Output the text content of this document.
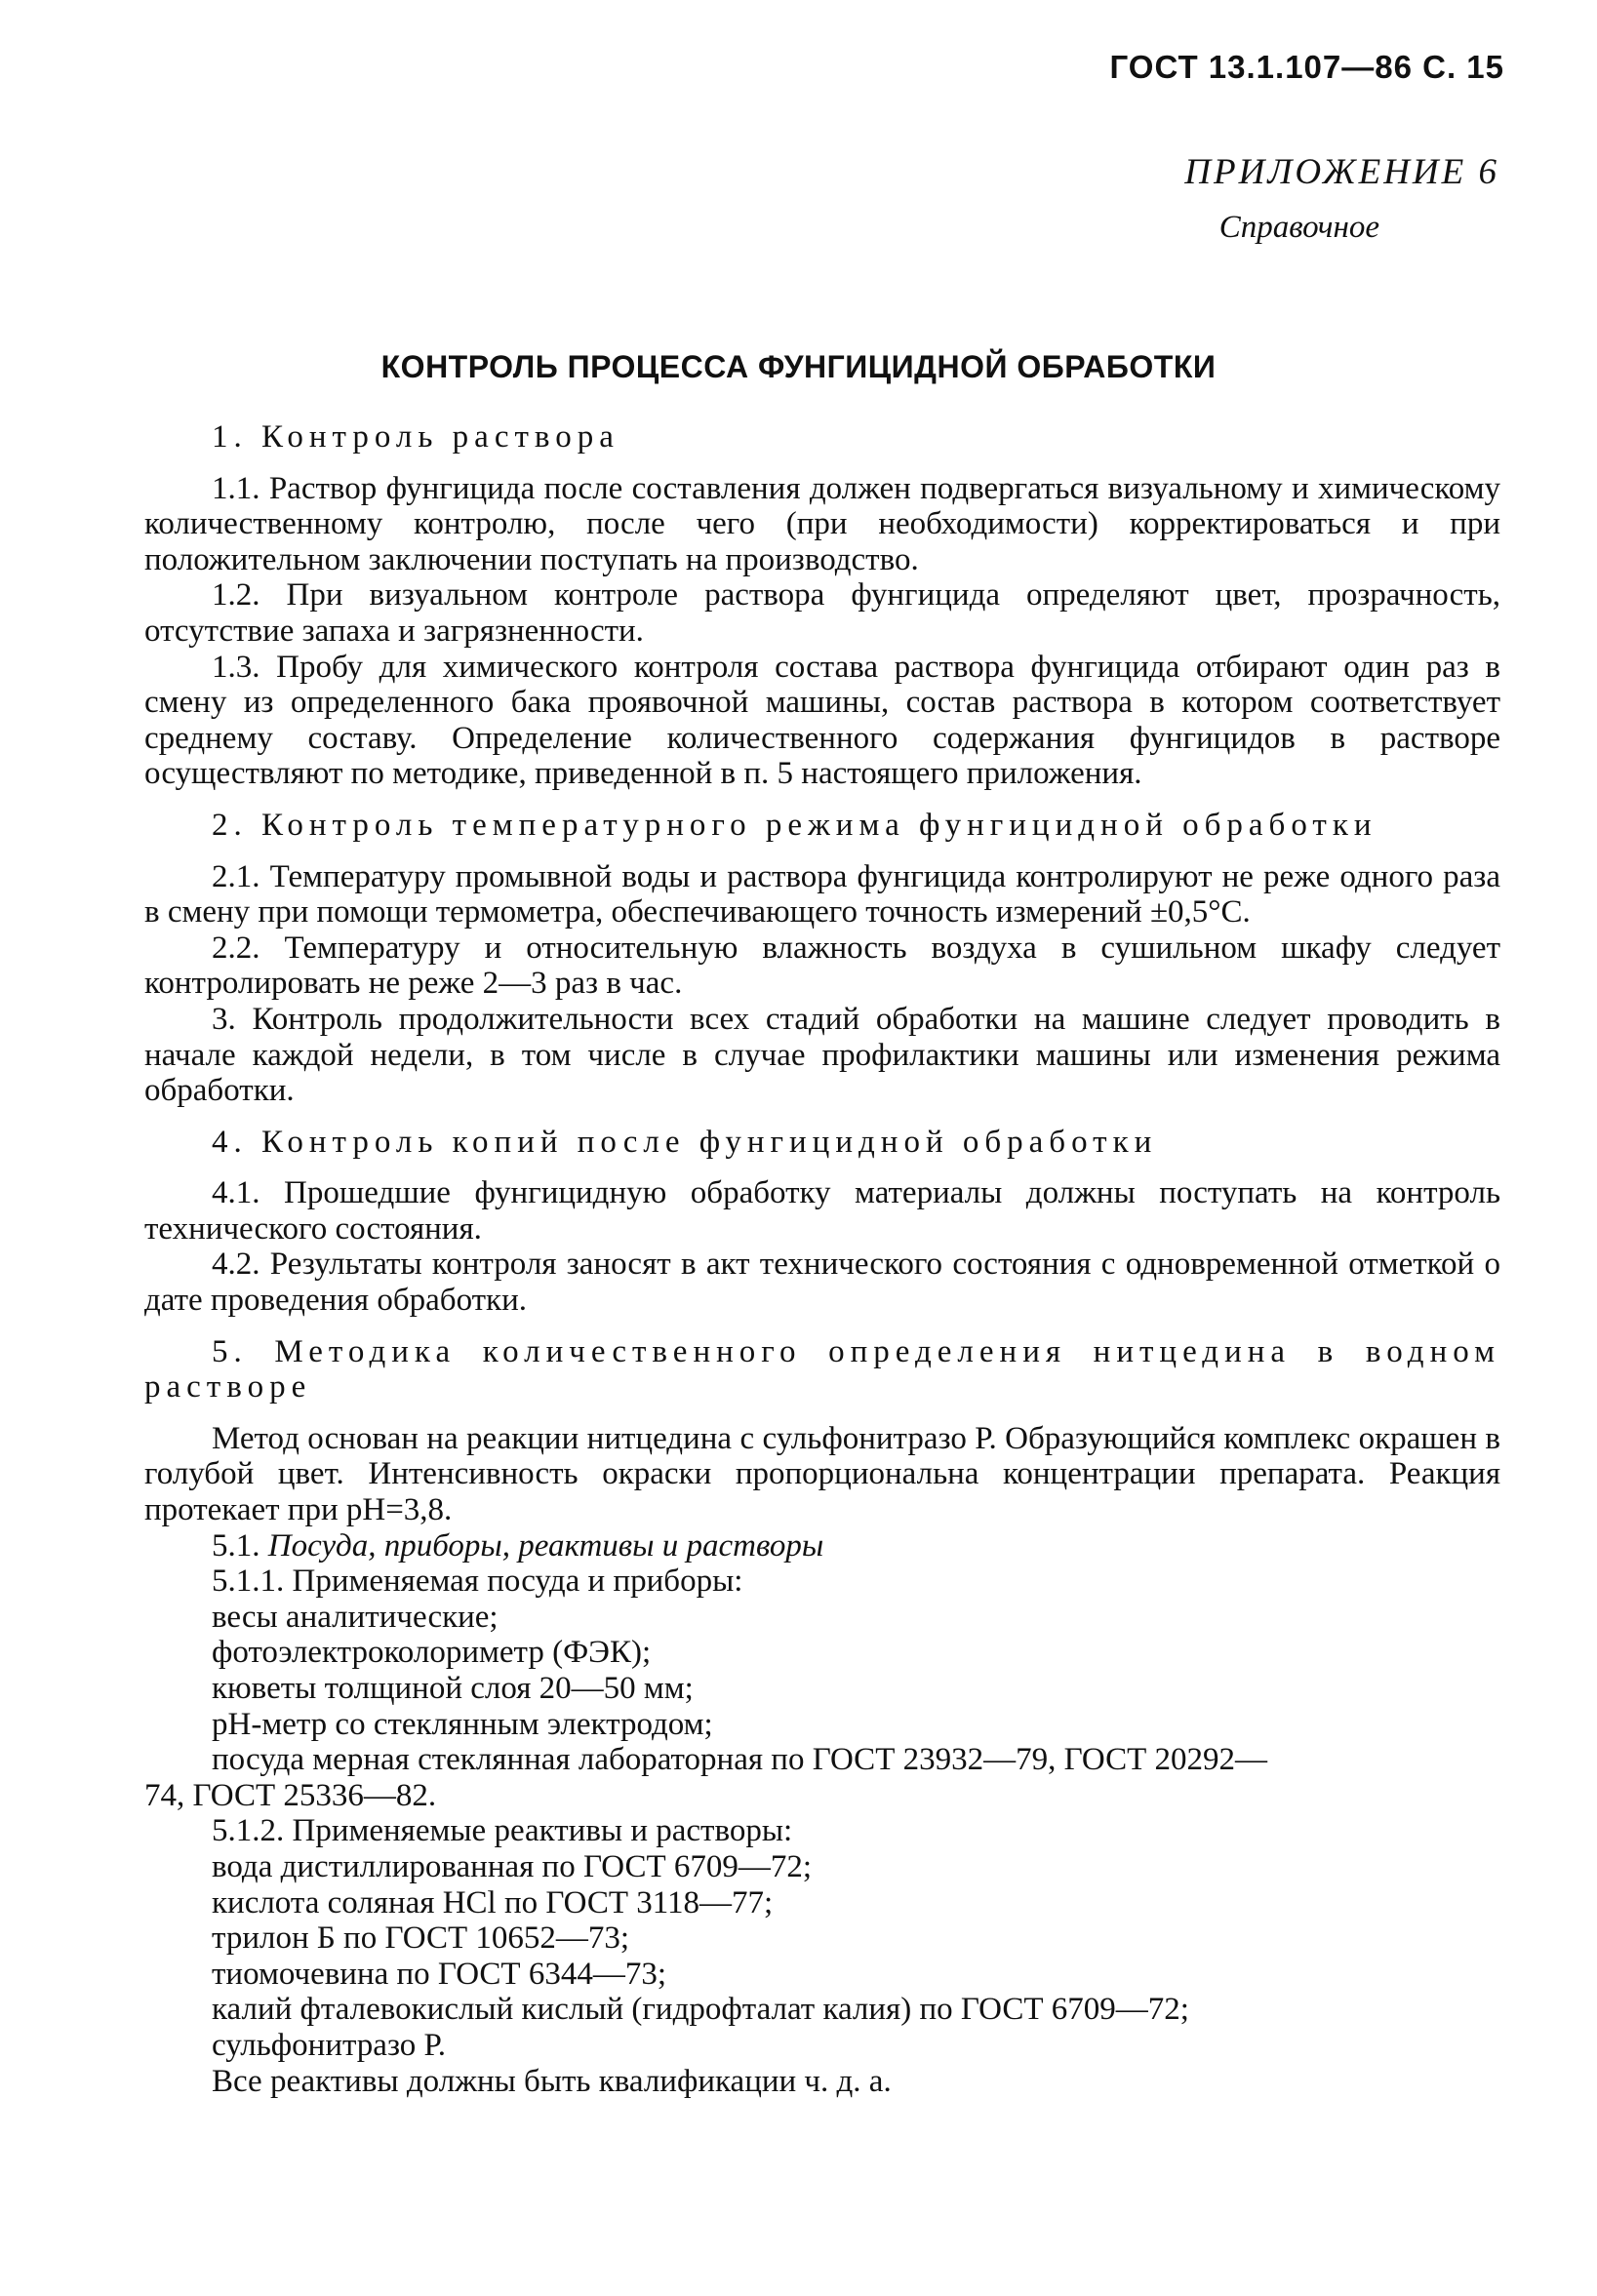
ГОСТ 13.1.107—86 С. 15
ПРИЛОЖЕНИЕ 6
Справочное
КОНТРОЛЬ ПРОЦЕССА ФУНГИЦИДНОЙ ОБРАБОТКИ

1. Контроль раствора

1.1. Раствор фунгицида после составления должен подвергаться визуальному и химическому количественному контролю, после чего (при необходимости) корректироваться и при положительном заключении поступать на производство.

1.2. При визуальном контроле раствора фунгицида определяют цвет, прозрачность, отсутствие запаха и загрязненности.

1.3. Пробу для химического контроля состава раствора фунгицида отбирают один раз в смену из определенного бака проявочной машины, состав раствора в котором соответствует среднему составу. Определение количественного содержания фунгицидов в растворе осуществляют по методике, приведенной в п. 5 настоящего приложения.

2. Контроль температурного режима фунгицидной обработки

2.1. Температуру промывной воды и раствора фунгицида контролируют не реже одного раза в смену при помощи термометра, обеспечивающего точность измерений ±0,5°С.

2.2. Температуру и относительную влажность воздуха в сушильном шкафу следует контролировать не реже 2—3 раз в час.

3. Контроль продолжительности всех стадий обработки на машине следует проводить в начале каждой недели, в том числе в случае профилактики машины или изменения режима обработки.

4. Контроль копий после фунгицидной обработки

4.1. Прошедшие фунгицидную обработку материалы должны поступать на контроль технического состояния.

4.2. Результаты контроля заносят в акт технического состояния с одновременной отметкой о дате проведения обработки.

5. Методика количественного определения нитцедина в водном растворе

Метод основан на реакции нитцедина с сульфонитразо Р. Образующийся комплекс окрашен в голубой цвет. Интенсивность окраски пропорциональна концентрации препарата. Реакция протекает при pH=3,8.

5.1. Посуда, приборы, реактивы и растворы

5.1.1. Применяемая посуда и приборы:

весы аналитические;

фотоэлектроколориметр (ФЭК);

кюветы толщиной слоя 20—50 мм;

pH-метр со стеклянным электродом;

посуда мерная стеклянная лабораторная по ГОСТ 23932—79, ГОСТ 20292—

74, ГОСТ 25336—82.

5.1.2. Применяемые реактивы и растворы:

вода дистиллированная по ГОСТ 6709—72;

кислота соляная HCl по ГОСТ 3118—77;

трилон Б по ГОСТ 10652—73;

тиомочевина по ГОСТ 6344—73;

калий фталевокислый кислый (гидрофталат калия) по ГОСТ 6709—72;

сульфонитразо Р.

Все реактивы должны быть квалификации ч. д. а.
